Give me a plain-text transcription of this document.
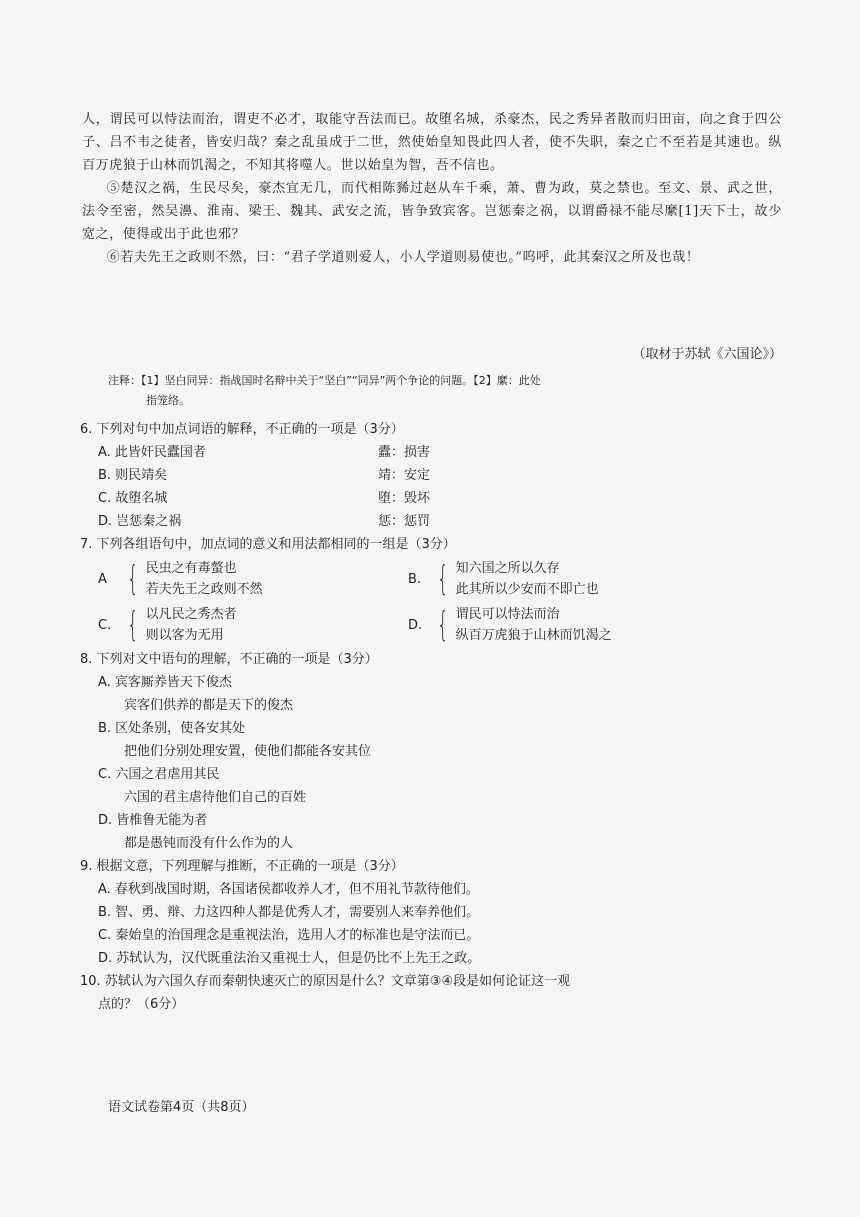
人，谓民可以恃法而治，谓吏不必才，取能守吾法而已。故堕名城，杀豪杰，民之秀异者散而归田亩，向之食于四公子、吕不韦之徒者，皆安归哉？秦之乱虽成于二世，然使始皇知畏此四人者，使不失职，秦之亡不至若是其速也。纵百万虎狼于山林而饥渴之，不知其将噬人。世以始皇为智，吾不信也。

⑤楚汉之祸，生民尽矣，豪杰宜无几，而代相陈豨过赵从车千乘，萧、曹为政，莫之禁也。至文、景、武之世，法令至密，然吴濞、淮南、梁王、魏其、武安之流，皆争致宾客。岂惩秦之祸，以谓爵禄不能尽縻[1]天下士，故少宽之，使得或出于此也邪？

⑥若夫先王之政则不然，曰：“君子学道则爱人，小人学道则易使也。”呜呼，此其秦汉之所及也哉！

（取材于苏轼《六国论》）
注释：【1】坚白同异：指战国时名辩中关于“坚白”“同异”两个争论的问题。【2】縻：此处
指笼络。
6. 下列对句中加点词语的解释，不正确的一项是（3分）
A. 此皆奸民蠹国者	蠹：损害
B. 则民靖矣	靖：安定
C. 故堕名城	堕：毁坏
D. 岂惩秦之祸	惩：惩罚
7. 下列各组语句中，加点词的意义和用法都相同的一组是（3分）
A { 民虫之有毒螫也
若夫先王之政则不然
B. { 知六国之所以久存
此其所以少安而不即亡也
C. { 以凡民之秀杰者
则以客为无用
D. { 谓民可以恃法而治
纵百万虎狼于山林而饥渴之
8. 下列对文中语句的理解，不正确的一项是（3分）
A. 宾客厮养皆天下俊杰
宾客们供养的都是天下的俊杰
B. 区处条别，使各安其处
把他们分别处理安置，使他们都能各安其位
C. 六国之君虐用其民
六国的君主虐待他们自己的百姓
D. 皆椎鲁无能为者
都是愚钝而没有什么作为的人
9. 根据文意，下列理解与推断，不正确的一项是（3分）
A. 春秋到战国时期，各国诸侯都收养人才，但不用礼节款待他们。
B. 智、勇、辩、力这四种人都是优秀人才，需要别人来奉养他们。
C. 秦始皇的治国理念是重视法治，选用人才的标准也是守法而已。
D. 苏轼认为，汉代既重法治又重视士人，但是仍比不上先王之政。
10. 苏轼认为六国久存而秦朝快速灭亡的原因是什么？文章第③④段是如何论证这一观
点的？（6分）
语文试卷第4页（共8页）
